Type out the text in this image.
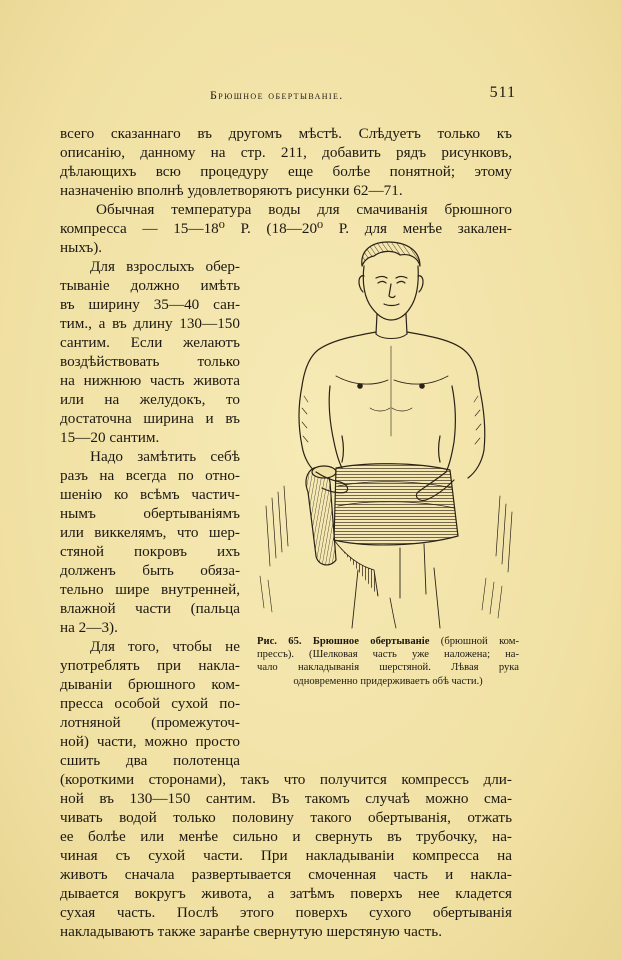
Брюшное обертыванiе.	511
всего сказаннаго въ другомъ мѣстѣ. Слѣдуетъ только къ
описанiю, данному на стр. 211, добавить рядъ рисунковъ,
дѣлающихъ всю процедуру еще болѣе понятной; этому
назначенiю вполнѣ удовлетворяютъ рисунки 62—71.
Обычная температура воды для смачиванiя брюшного
компресса — 15—18⁰ Р. (18—20⁰ Р. для менѣе закален-
ныхъ).
Для взрослыхъ обер-
тыванiе должно имѣть
въ ширину 35—40 сан-
тим., а въ длину 130—150
сантим. Если желаютъ
воздѣйствовать только
на нижнюю часть живота
или на желудокъ, то
достаточна ширина и въ
15—20 сантим.
Надо замѣтить себѣ
разъ на всегда по отно-
шенiю ко всѣмъ частич-
нымъ обертыванiямъ
или виккелямъ, что шер-
стяной покровъ ихъ
долженъ быть обяза-
тельно шире внутренней,
влажной части (пальца
на 2—3).
Для того, чтобы не
употреблять при накла-
дыванiи брюшного ком-
пресса особой сухой по-
лотняной (промежуточ-
ной) части, можно просто
сшить два полотенца
(короткими сторонами), такъ что получится компрессъ дли-
ной въ 130—150 сантим. Въ такомъ случаѣ можно сма-
чивать водой только половину такого обертыванiя, отжать
ее болѣе или менѣе сильно и свернуть въ трубочку, на-
чиная съ сухой части. При накладыванiи компресса на
животъ сначала развертывается смоченная часть и накла-
дывается вокругъ живота, а затѣмъ поверхъ нее кладется
сухая часть. Послѣ этого поверхъ сухого обертыванiя
накладываютъ также заранѣе свернутую шерстяную часть.
Рис. 65. Брюшное обертыванiе (брюшной ком-
прессъ). (Шелковая часть уже наложена; на-
чало накладыванiя шерстяной. Лѣвая рука
одновременно придерживаетъ обѣ части.)
